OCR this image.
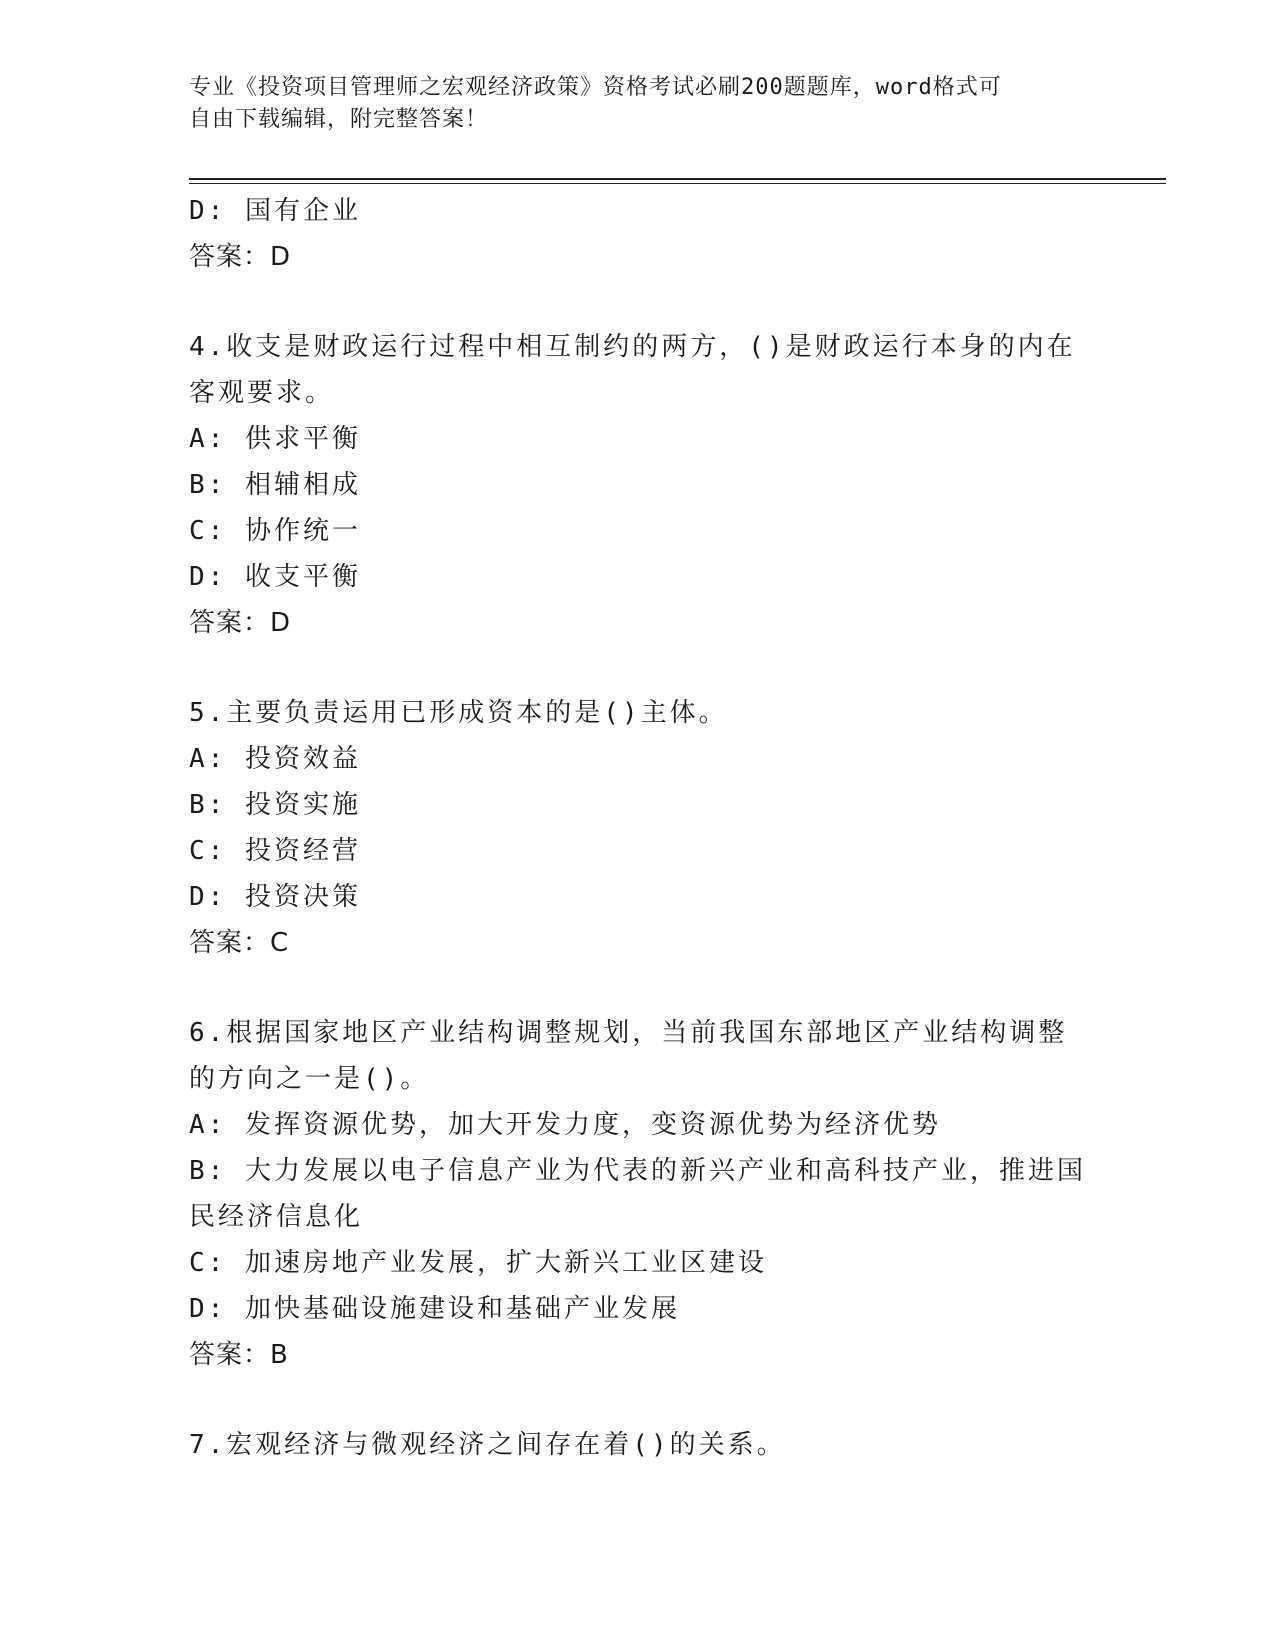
专业《投资项目管理师之宏观经济政策》资格考试必刷200题题库，word格式可
自由下载编辑，附完整答案！
D: 国有企业
答案：D
4.收支是财政运行过程中相互制约的两方，()是财政运行本身的内在
客观要求。
A: 供求平衡
B: 相辅相成
C: 协作统一
D: 收支平衡
答案：D
5.主要负责运用已形成资本的是()主体。
A: 投资效益
B: 投资实施
C: 投资经营
D: 投资决策
答案：C
6.根据国家地区产业结构调整规划，当前我国东部地区产业结构调整
的方向之一是()。
A: 发挥资源优势，加大开发力度，变资源优势为经济优势
B: 大力发展以电子信息产业为代表的新兴产业和高科技产业，推进国
民经济信息化
C: 加速房地产业发展，扩大新兴工业区建设
D: 加快基础设施建设和基础产业发展
答案：B
7.宏观经济与微观经济之间存在着()的关系。
